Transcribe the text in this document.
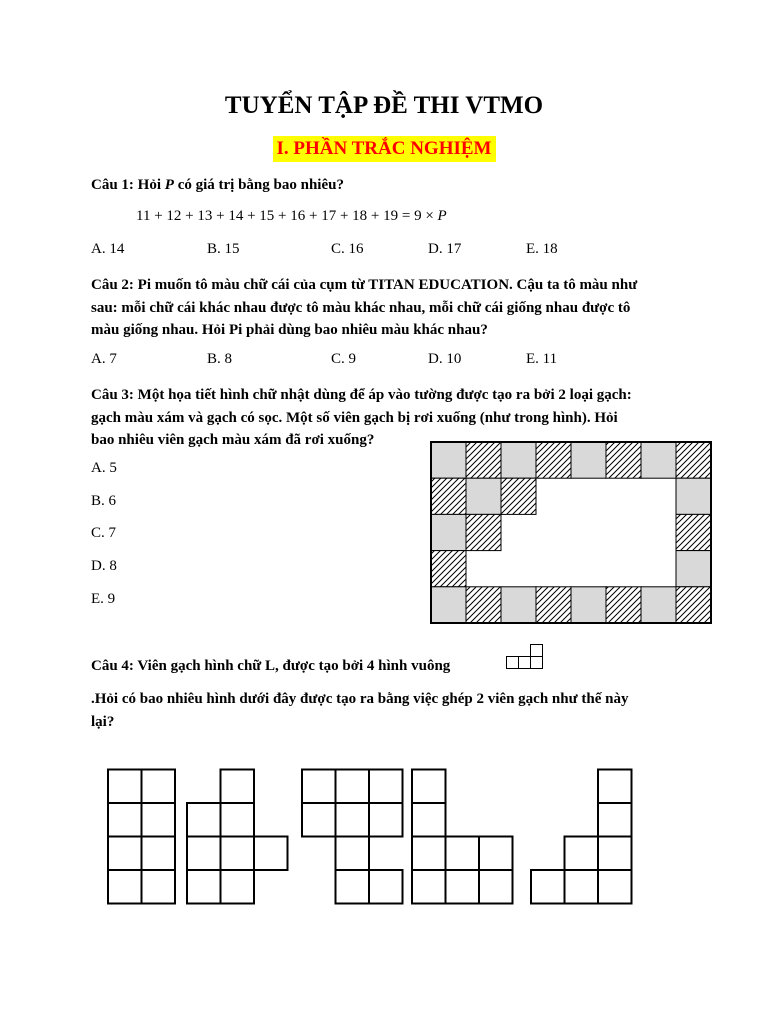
TUYỂN TẬP ĐỀ THI VTMO
I. PHẦN TRẮC NGHIỆM
Câu 1: Hỏi P có giá trị bằng bao nhiêu?
11 + 12 + 13 + 14 + 15 + 16 + 17 + 18 + 19 = 9 × P
A. 14	B. 15	C. 16	D. 17	E. 18
Câu 2: Pi muốn tô màu chữ cái của cụm từ TITAN EDUCATION. Cậu ta tô màu như
sau: mỗi chữ cái khác nhau được tô màu khác nhau, mỗi chữ cái giống nhau được tô
màu giống nhau. Hỏi Pi phải dùng bao nhiêu màu khác nhau?
A. 7	B. 8	C. 9	D. 10	E. 11
Câu 3: Một họa tiết hình chữ nhật dùng để áp vào tường được tạo ra bởi 2 loại gạch:
gạch màu xám và gạch có sọc. Một số viên gạch bị rơi xuống (như trong hình). Hỏi
bao nhiêu viên gạch màu xám đã rơi xuống?
A. 5
B. 6
C. 7
D. 8
E. 9
Câu 4: Viên gạch hình chữ L, được tạo bởi 4 hình vuông
.Hỏi có bao nhiêu hình dưới đây được tạo ra bằng việc ghép 2 viên gạch như thế này
lại?
